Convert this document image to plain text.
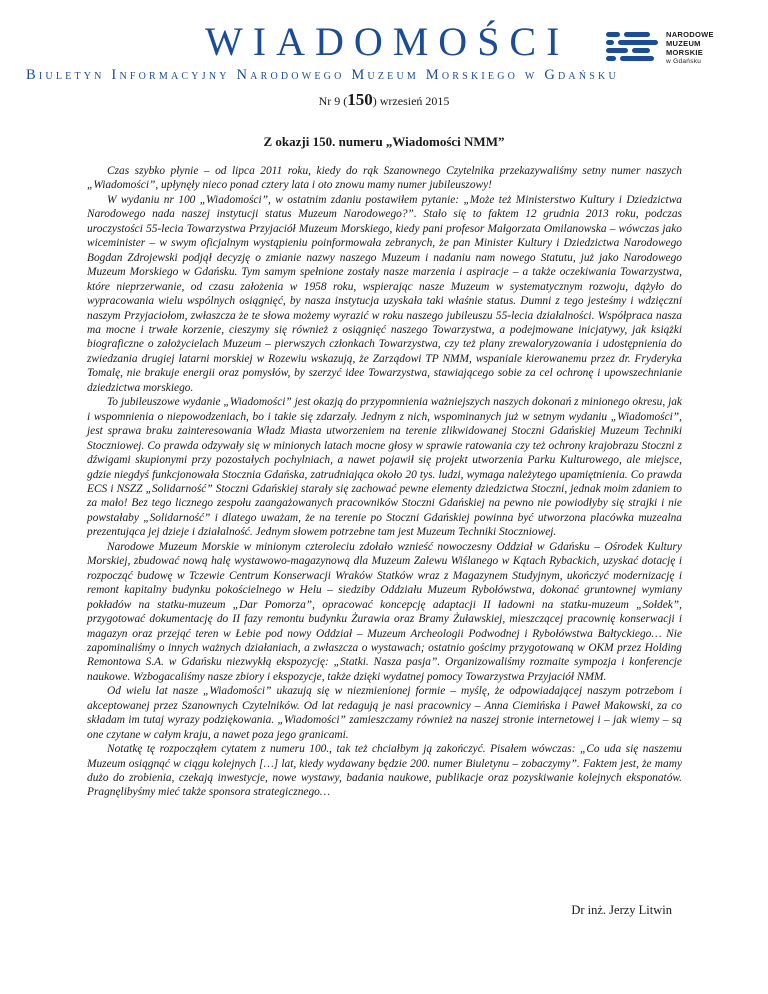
WIADOMOŚCI	NARODOWE
MUZEUM
MORSKIE
w Gdańsku
Biuletyn Informacyjny Narodowego Muzeum Morskiego w Gdańsku
Nr 9 (150) wrzesień 2015
Z okazji 150. numeru „Wiadomości NMM”

Czas szybko płynie – od lipca 2011 roku, kiedy do rąk Szanownego Czytelnika przekazywaliśmy setny numer naszych „Wiadomości”, upłynęły nieco ponad cztery lata i oto znowu mamy numer jubileuszowy!

W wydaniu nr 100 „Wiadomości”, w ostatnim zdaniu postawiłem pytanie: „Może też Ministerstwo Kultury i Dziedzictwa Narodowego nada naszej instytucji status Muzeum Narodowego?”. Stało się to faktem 12 grudnia 2013 roku, podczas uroczystości 55-lecia Towarzystwa Przyjaciół Muzeum Morskiego, kiedy pani profesor Małgorzata Omilanowska – wówczas jako wiceminister – w swym oficjalnym wystąpieniu poinformowała zebranych, że pan Minister Kultury i Dziedzictwa Narodowego Bogdan Zdrojewski podjął decyzję o zmianie nazwy naszego Muzeum i nadaniu nam nowego Statutu, już jako Narodowego Muzeum Morskiego w Gdańsku. Tym samym spełnione zostały nasze marzenia i aspiracje – a także oczekiwania Towarzystwa, które nieprzerwanie, od czasu założenia w 1958 roku, wspierając nasze Muzeum w systematycznym rozwoju, dążyło do wypracowania wielu wspólnych osiągnięć, by nasza instytucja uzyskała taki właśnie status. Dumni z tego jesteśmy i wdzięczni naszym Przyjaciołom, zwłaszcza że te słowa możemy wyrazić w roku naszego jubileuszu 55-lecia działalności. Współpraca nasza ma mocne i trwałe korzenie, cieszymy się również z osiągnięć naszego Towarzystwa, a podejmowane inicjatywy, jak książki biograficzne o założycielach Muzeum – pierwszych członkach Towarzystwa, czy też plany zrewaloryzowania i udostępnienia do zwiedzania drugiej latarni morskiej w Rozewiu wskazują, że Zarządowi TP NMM, wspaniale kierowanemu przez dr. Fryderyka Tomalę, nie brakuje energii oraz pomysłów, by szerzyć idee Towarzystwa, stawiającego sobie za cel ochronę i upowszechnianie dziedzictwa morskiego.

To jubileuszowe wydanie „Wiadomości” jest okazją do przypomnienia ważniejszych naszych dokonań z minionego okresu, jak i wspomnienia o niepowodzeniach, bo i takie się zdarzały. Jednym z nich, wspominanych już w setnym wydaniu „Wiadomości”, jest sprawa braku zainteresowania Władz Miasta utworzeniem na terenie zlikwidowanej Stoczni Gdańskiej Muzeum Techniki Stoczniowej. Co prawda odzywały się w minionych latach mocne głosy w sprawie ratowania czy też ochrony krajobrazu Stoczni z dźwigami skupionymi przy pozostałych pochylniach, a nawet pojawił się projekt utworzenia Parku Kulturowego, ale miejsce, gdzie niegdyś funkcjonowała Stocznia Gdańska, zatrudniająca około 20 tys. ludzi, wymaga należytego upamiętnienia. Co prawda ECS i NSZZ „Solidarność” Stoczni Gdańskiej starały się zachować pewne elementy dziedzictwa Stoczni, jednak moim zdaniem to za mało! Bez tego licznego zespołu zaangażowanych pracowników Stoczni Gdańskiej na pewno nie powiodłyby się strajki i nie powstałaby „Solidarność” i dlatego uważam, że na terenie po Stoczni Gdańskiej powinna być utworzona placówka muzealna prezentująca jej dzieje i działalność. Jednym słowem potrzebne tam jest Muzeum Techniki Stoczniowej.

Narodowe Muzeum Morskie w minionym czteroleciu zdołało wznieść nowoczesny Oddział w Gdańsku – Ośrodek Kultury Morskiej, zbudować nową halę wystawowo-magazynową dla Muzeum Zalewu Wiślanego w Kątach Rybackich, uzyskać dotację i rozpocząć budowę w Tczewie Centrum Konserwacji Wraków Statków wraz z Magazynem Studyjnym, ukończyć modernizację i remont kapitalny budynku pokościelnego w Helu – siedziby Oddziału Muzeum Rybołówstwa, dokonać gruntownej wymiany pokładów na statku-muzeum „Dar Pomorza”, opracować koncepcję adaptacji II ładowni na statku-muzeum „Sołdek”, przygotować dokumentację do II fazy remontu budynku Żurawia oraz Bramy Żuławskiej, mieszczącej pracownię konserwacji i magazyn oraz przejąć teren w Łebie pod nowy Oddział – Muzeum Archeologii Podwodnej i Rybołówstwa Bałtyckiego… Nie zapominaliśmy o innych ważnych działaniach, a zwłaszcza o wystawach; ostatnio gościmy przygotowaną w OKM przez Holding Remontowa S.A. w Gdańsku niezwykłą ekspozycję: „Statki. Nasza pasja”. Organizowaliśmy rozmaite sympozja i konferencje naukowe. Wzbogacaliśmy nasze zbiory i ekspozycje, także dzięki wydatnej pomocy Towarzystwa Przyjaciół NMM.

Od wielu lat nasze „Wiadomości” ukazują się w niezmienionej formie – myślę, że odpowiadającej naszym potrzebom i akceptowanej przez Szanownych Czytelników. Od lat redagują je nasi pracownicy – Anna Ciemińska i Paweł Makowski, za co składam im tutaj wyrazy podziękowania. „Wiadomości” zamieszczamy również na naszej stronie internetowej i – jak wiemy – są one czytane w całym kraju, a nawet poza jego granicami.

Notatkę tę rozpocząłem cytatem z numeru 100., tak też chciałbym ją zakończyć. Pisałem wówczas: „Co uda się naszemu Muzeum osiągnąć w ciągu kolejnych […] lat, kiedy wydawany będzie 200. numer Biuletynu – zobaczymy”. Faktem jest, że mamy dużo do zrobienia, czekają inwestycje, nowe wystawy, badania naukowe, publikacje oraz pozyskiwanie kolejnych eksponatów. Pragnęlibyśmy mieć także sponsora strategicznego…

Dr inż. Jerzy Litwin
